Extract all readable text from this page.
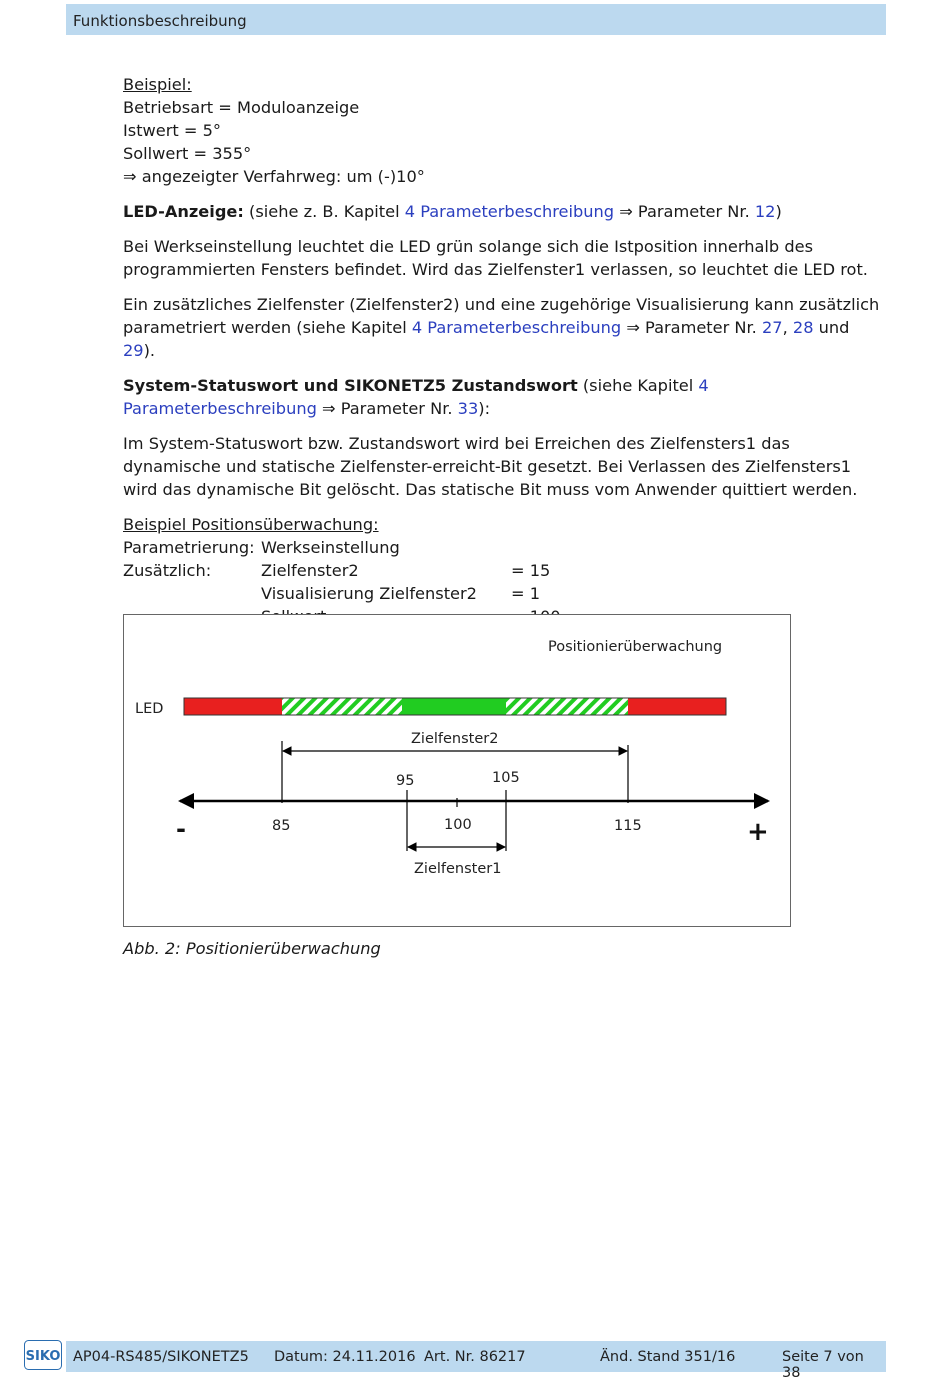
Funktionsbeschreibung

Beispiel:

Betriebsart = Moduloanzeige

Istwert = 5°

Sollwert = 355°

⇒ angezeigter Verfahrweg: um (-)10°

LED-Anzeige: (siehe z. B. Kapitel 4 Parameterbeschreibung ⇒ Parameter Nr. 12)

Bei Werkseinstellung leuchtet die LED grün solange sich die Istposition innerhalb des programmierten Fensters befindet. Wird das Zielfenster1 verlassen, so leuchtet die LED rot.

Ein zusätzliches Zielfenster (Zielfenster2) und eine zugehörige Visualisierung kann zusätzlich parametriert werden (siehe Kapitel 4 Parameterbeschreibung ⇒ Parameter Nr. 27, 28 und 29).

System-Statuswort und SIKONETZ5 Zustandswort (siehe Kapitel 4 Parameterbeschreibung ⇒ Parameter Nr. 33):

Im System-Statuswort bzw. Zustandswort wird bei Erreichen des Zielfensters1 das dynamische und statische Zielfenster-erreicht-Bit gesetzt. Bei Verlassen des Zielfensters1 wird das dynamische Bit gelöscht. Das statische Bit muss vom Anwender quittiert werden.

Beispiel Positionsüberwachung:

Parametrierung:	Werkseinstellung	
Zusätzlich:	Zielfenster2	= 15
	Visualisierung Zielfenster2	= 1

Positionierüberwachung
LED
Zielfenster2
95	105
-	85	100	115	+
Zielfenster1
Abb. 2: Positionierüberwachung
SIKO AP04-RS485/SIKONETZ5 Datum: 24.11.2016 Art. Nr. 86217	Änd. Stand 351/16	Seite 7 von 38
